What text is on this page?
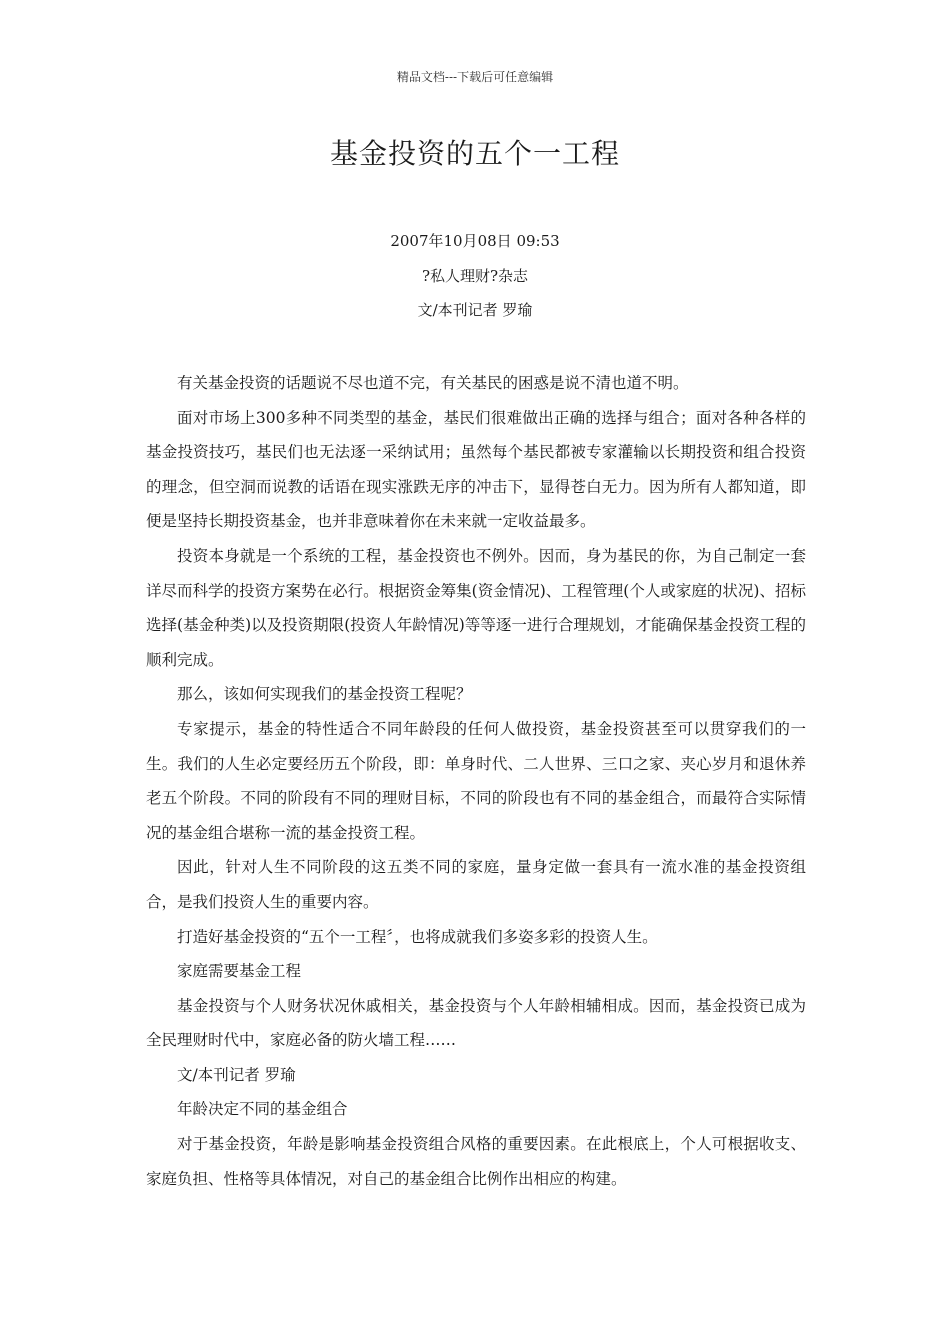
精品文档---下载后可任意编辑
基金投资的五个一工程
2007年10月08日 09:53
?私人理财?杂志
文/本刊记者 罗瑜

有关基金投资的话题说不尽也道不完，有关基民的困惑是说不清也道不明。

面对市场上300多种不同类型的基金，基民们很难做出正确的选择与组合；面对各种各样的基金投资技巧，基民们也无法逐一采纳试用；虽然每个基民都被专家灌输以长期投资和组合投资的理念，但空洞而说教的话语在现实涨跌无序的冲击下，显得苍白无力。因为所有人都知道，即便是坚持长期投资基金，也并非意味着你在未来就一定收益最多。

投资本身就是一个系统的工程，基金投资也不例外。因而，身为基民的你，为自己制定一套详尽而科学的投资方案势在必行。根据资金筹集(资金情况)、工程管理(个人或家庭的状况)、招标选择(基金种类)以及投资期限(投资人年龄情况)等等逐一进行合理规划，才能确保基金投资工程的顺利完成。

那么，该如何实现我们的基金投资工程呢？

专家提示，基金的特性适合不同年龄段的任何人做投资，基金投资甚至可以贯穿我们的一生。我们的人生必定要经历五个阶段，即：单身时代、二人世界、三口之家、夹心岁月和退休养老五个阶段。不同的阶段有不同的理财目标，不同的阶段也有不同的基金组合，而最符合实际情况的基金组合堪称一流的基金投资工程。

因此，针对人生不同阶段的这五类不同的家庭，量身定做一套具有一流水准的基金投资组合，是我们投资人生的重要内容。

打造好基金投资的“五个一工程〞，也将成就我们多姿多彩的投资人生。

家庭需要基金工程

基金投资与个人财务状况休戚相关，基金投资与个人年龄相辅相成。因而，基金投资已成为全民理财时代中，家庭必备的防火墙工程……

文/本刊记者 罗瑜

年龄决定不同的基金组合

对于基金投资，年龄是影响基金投资组合风格的重要因素。在此根底上，个人可根据收支、家庭负担、性格等具体情况，对自己的基金组合比例作出相应的构建。
